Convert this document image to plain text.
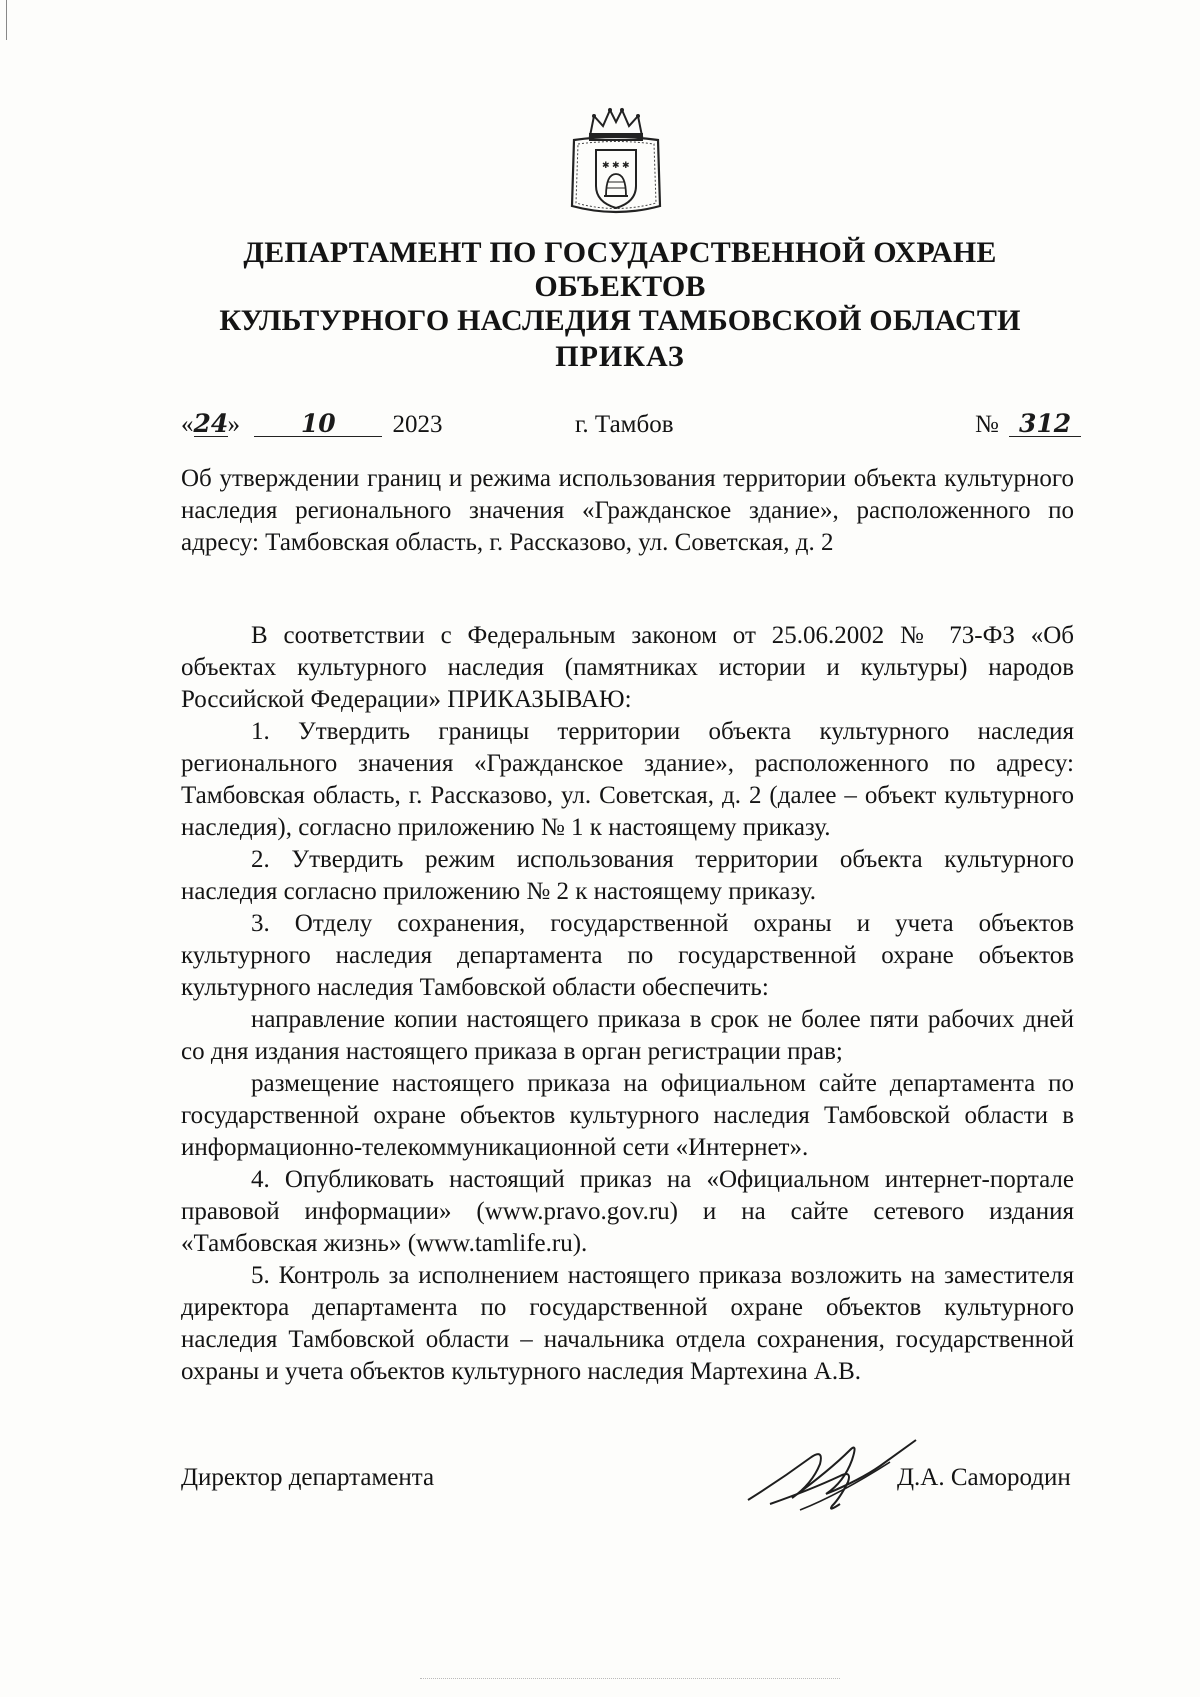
✱ ✱ ✱
ДЕПАРТАМЕНТ ПО ГОСУДАРСТВЕННОЙ ОХРАНЕ ОБЪЕКТОВ
КУЛЬТУРНОГО НАСЛЕДИЯ ТАМБОВСКОЙ ОБЛАСТИ
ПРИКАЗ
«24» 10 2023	г. Тамбов	№ 312
Об утверждении границ и режима использования территории объекта культурного наследия регионального значения «Гражданское здание», расположенного по адресу: Тамбовская область, г. Рассказово, ул. Советская, д. 2

В соответствии с Федеральным законом от 25.06.2002 № 73-ФЗ «Об объектах культурного наследия (памятниках истории и культуры) народов Российской Федерации» ПРИКАЗЫВАЮ:

1. Утвердить границы территории объекта культурного наследия регионального значения «Гражданское здание», расположенного по адресу: Тамбовская область, г. Рассказово, ул. Советская, д. 2 (далее – объект культурного наследия), согласно приложению № 1 к настоящему приказу.

2. Утвердить режим использования территории объекта культурного наследия согласно приложению № 2 к настоящему приказу.

3. Отделу сохранения, государственной охраны и учета объектов культурного наследия департамента по государственной охране объектов культурного наследия Тамбовской области обеспечить:

направление копии настоящего приказа в срок не более пяти рабочих дней со дня издания настоящего приказа в орган регистрации прав;

размещение настоящего приказа на официальном сайте департамента по государственной охране объектов культурного наследия Тамбовской области в информационно-телекоммуникационной сети «Интернет».

4. Опубликовать настоящий приказ на «Официальном интернет-портале правовой информации» (www.pravo.gov.ru) и на сайте сетевого издания «Тамбовская жизнь» (www.tamlife.ru).

5. Контроль за исполнением настоящего приказа возложить на заместителя директора департамента по государственной охране объектов культурного наследия Тамбовской области – начальника отдела сохранения, государственной охраны и учета объектов культурного наследия Мартехина А.В.

Директор департамента	Д.А. Самородин
